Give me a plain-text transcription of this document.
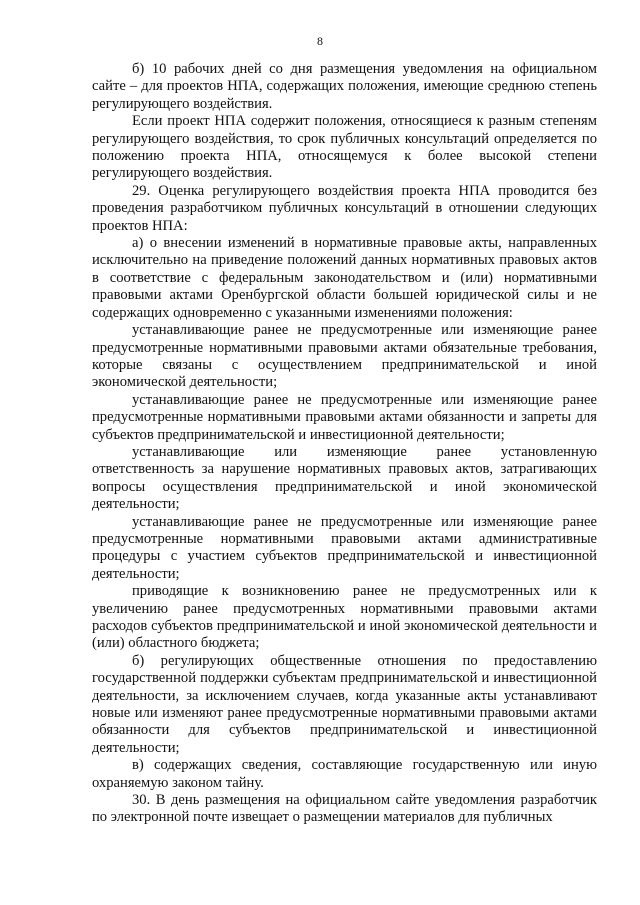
8

б) 10 рабочих дней со дня размещения уведомления на официальном сайте – для проектов НПА, содержащих положения, имеющие среднюю степень регулирующего воздействия.

Если проект НПА содержит положения, относящиеся к разным степеням регулирующего воздействия, то срок публичных консультаций определяется по положению проекта НПА, относящемуся к более высокой степени регулирующего воздействия.

29. Оценка регулирующего воздействия проекта НПА проводится без проведения разработчиком публичных консультаций в отношении следующих проектов НПА:

а) о внесении изменений в нормативные правовые акты, направленных исключительно на приведение положений данных нормативных правовых актов в соответствие с федеральным законодательством и (или) нормативными правовыми актами Оренбургской области большей юридической силы и не содержащих одновременно с указанными изменениями положения:

устанавливающие ранее не предусмотренные или изменяющие ранее предусмотренные нормативными правовыми актами обязательные требования, которые связаны с осуществлением предпринимательской и иной экономической деятельности;

устанавливающие ранее не предусмотренные или изменяющие ранее предусмотренные нормативными правовыми актами обязанности и запреты для субъектов предпринимательской и инвестиционной деятельности;

устанавливающие или изменяющие ранее установленную ответственность за нарушение нормативных правовых актов, затрагивающих вопросы осуществления предпринимательской и иной экономической деятельности;

устанавливающие ранее не предусмотренные или изменяющие ранее предусмотренные нормативными правовыми актами административные процедуры с участием субъектов предпринимательской и инвестиционной деятельности;

приводящие к возникновению ранее не предусмотренных или к увеличению ранее предусмотренных нормативными правовыми актами расходов субъектов предпринимательской и иной экономической деятельности и (или) областного бюджета;

б) регулирующих общественные отношения по предоставлению государственной поддержки субъектам предпринимательской и инвестиционной деятельности, за исключением случаев, когда указанные акты устанавливают новые или изменяют ранее предусмотренные нормативными правовыми актами обязанности для субъектов предпринимательской и инвестиционной деятельности;

в) содержащих сведения, составляющие государственную или иную охраняемую законом тайну.

30. В день размещения на официальном сайте уведомления разработчик по электронной почте извещает о размещении материалов для публичных
